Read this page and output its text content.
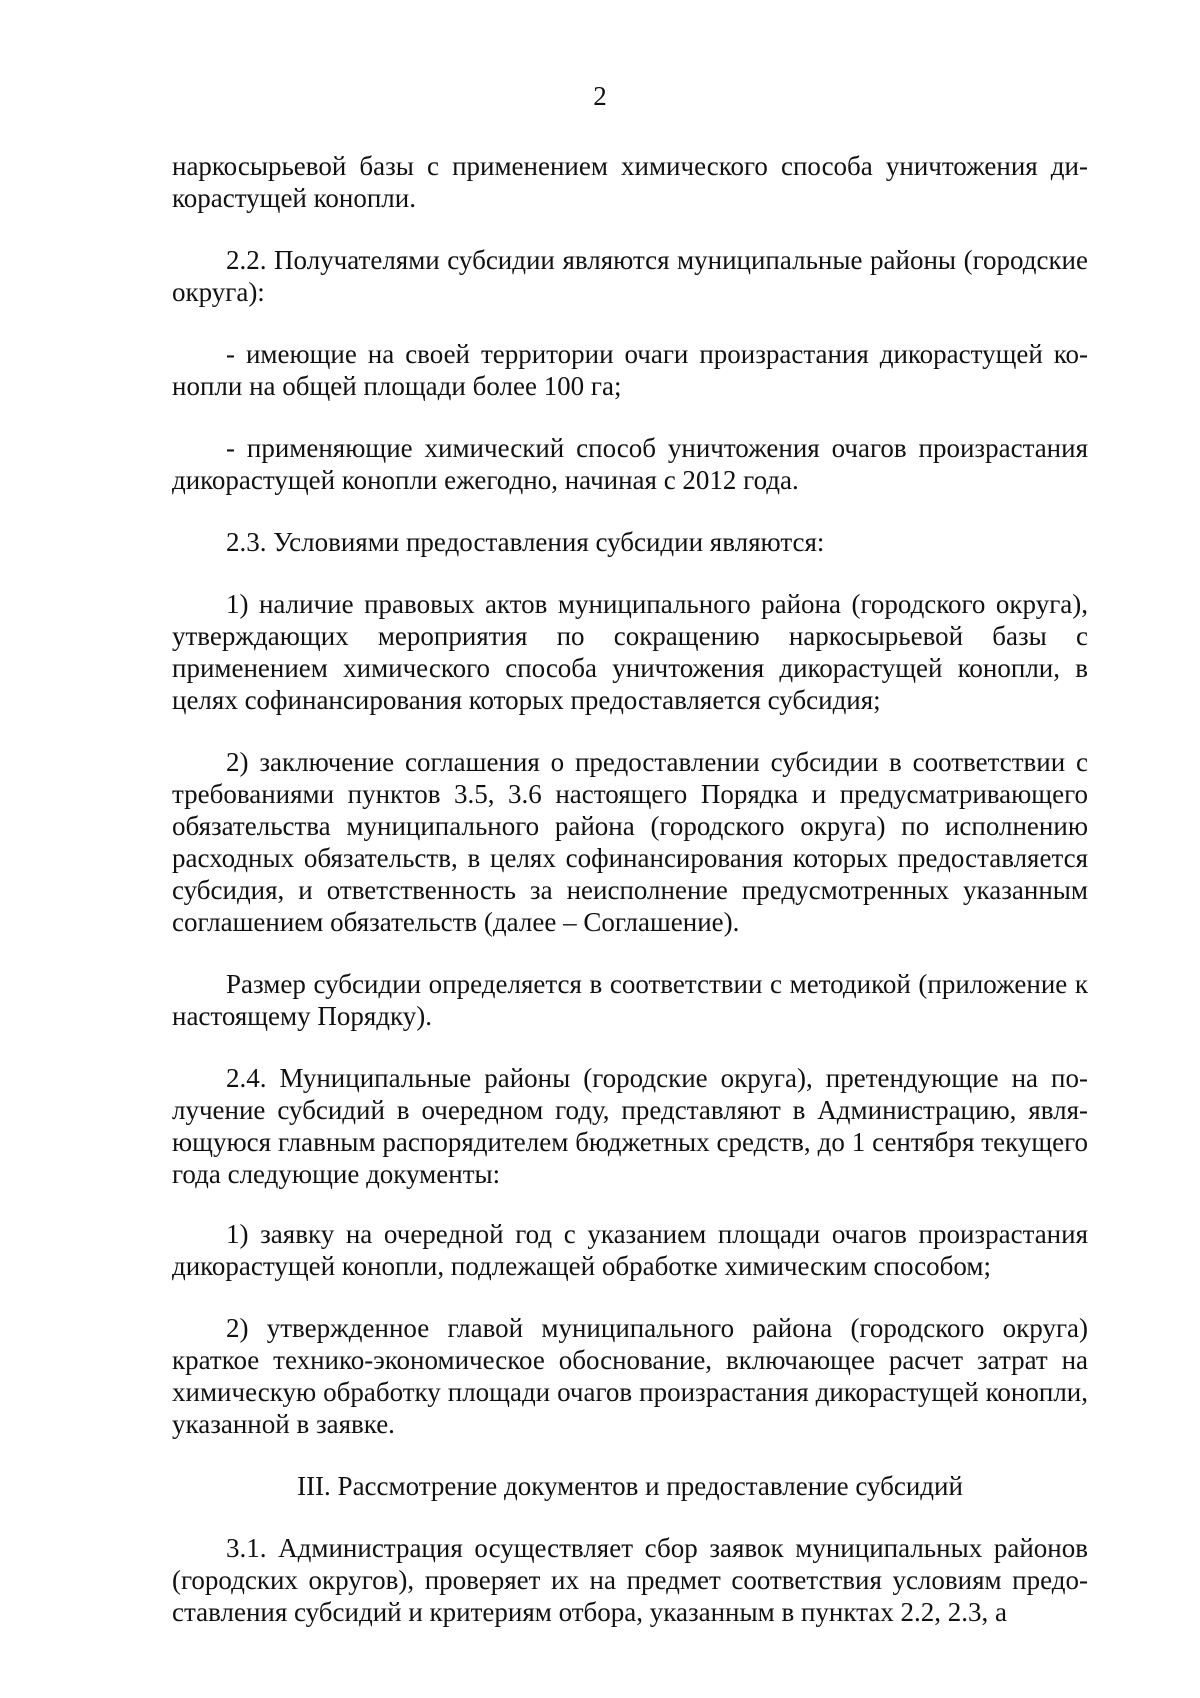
2

наркосырьевой базы с применением химического способа уничтожения дикорастущей конопли.

2.2. Получателями субсидии являются муниципальные районы (городские округа):

- имеющие на своей территории очаги произрастания дикорастущей конопли на общей площади более 100 га;

- применяющие химический способ уничтожения очагов произрастания дикорастущей конопли ежегодно, начиная с 2012 года.

2.3. Условиями предоставления субсидии являются:

1) наличие правовых актов муниципального района (городского округа), утверждающих мероприятия по сокращению наркосырьевой базы с применением химического способа уничтожения дикорастущей конопли, в целях софинансирования которых предоставляется субсидия;

2) заключение соглашения о предоставлении субсидии в соответствии с требованиями пунктов 3.5, 3.6 настоящего Порядка и предусматривающего обязательства муниципального района (городского округа) по исполнению расходных обязательств, в целях софинансирования которых предоставляется субсидия, и ответственность за неисполнение предусмотренных указанным соглашением обязательств (далее – Соглашение).

Размер субсидии определяется в соответствии с методикой (приложение к настоящему Порядку).

2.4. Муниципальные районы (городские округа), претендующие на получение субсидий в очередном году, представляют в Администрацию, являющуюся главным распорядителем бюджетных средств, до 1 сентября текущего года следующие документы:

1) заявку на очередной год с указанием площади очагов произрастания дикорастущей конопли, подлежащей обработке химическим способом;

2) утвержденное главой муниципального района (городского округа) краткое технико-экономическое обоснование, включающее расчет затрат на химическую обработку площади очагов произрастания дикорастущей конопли, указанной в заявке.

III. Рассмотрение документов и предоставление субсидий

3.1. Администрация осуществляет сбор заявок муниципальных районов (городских округов), проверяет их на предмет соответствия условиям предоставления субсидий и критериям отбора, указанным в пунктах 2.2, 2.3, а
